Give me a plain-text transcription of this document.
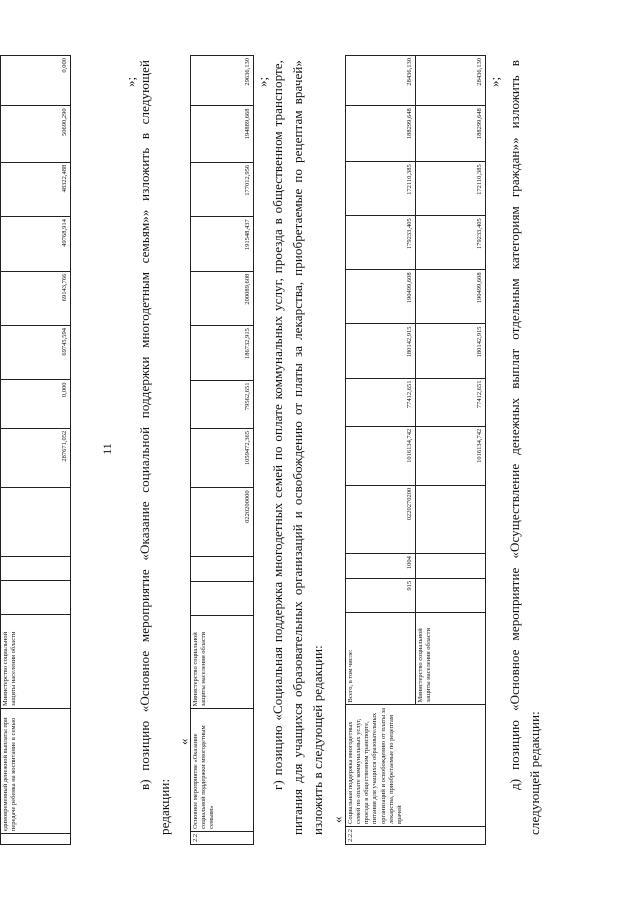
11
	единовременный денежной выплаты при передаче ребенка на воспитание в семью	Министерство социальной защиты населения области				287671,052	0,000	69745,594	69143,766	49768,914	48322,488	50690,290	0,000
»; в) позицию «Основное мероприятие «Оказание социальной поддержки многодетным семьям»» изложить в следующей редакции:
«
2.2	Основное мероприятие «Оказание социальной поддержки многодетным семьям»	Министерство социальной защиты населения области			0220200000	1059472,365	79562,651	186732,915	200089,608	191548,437	177012,956	194889,668	29636,130 »; г) позицию «Социальная поддержка многодетных семей по оплате коммунальных услуг, проезда в общественном транспорте, питания для учащихся образовательных организаций и освобождению от платы за лекарства, приобретаемые по рецептам врачей» изложить в следующей редакции: «
2.2.2	Социальная поддержка многодетных семей по оплате коммунальных услуг, проезда в общественном транспорте, питания для учащихся образовательных организаций и освобождению от платы за лекарства, приобретаемые по рецептам врачей	Всего, в том числе:	915	1004	0220270200	1016134,742	77412,651	180142,915	190499,608	179233,405	172110,385	188299,648	28436,130
		Министерство социальной защиты населения области				1016134,742	77412,651	180142,915	190499,608	179233,405	172110,385	188299,648	28436,130 »; д) позицию «Основное мероприятие «Осуществление денежных выплат отдельным категориям граждан»» изложить в следующей редакции:
